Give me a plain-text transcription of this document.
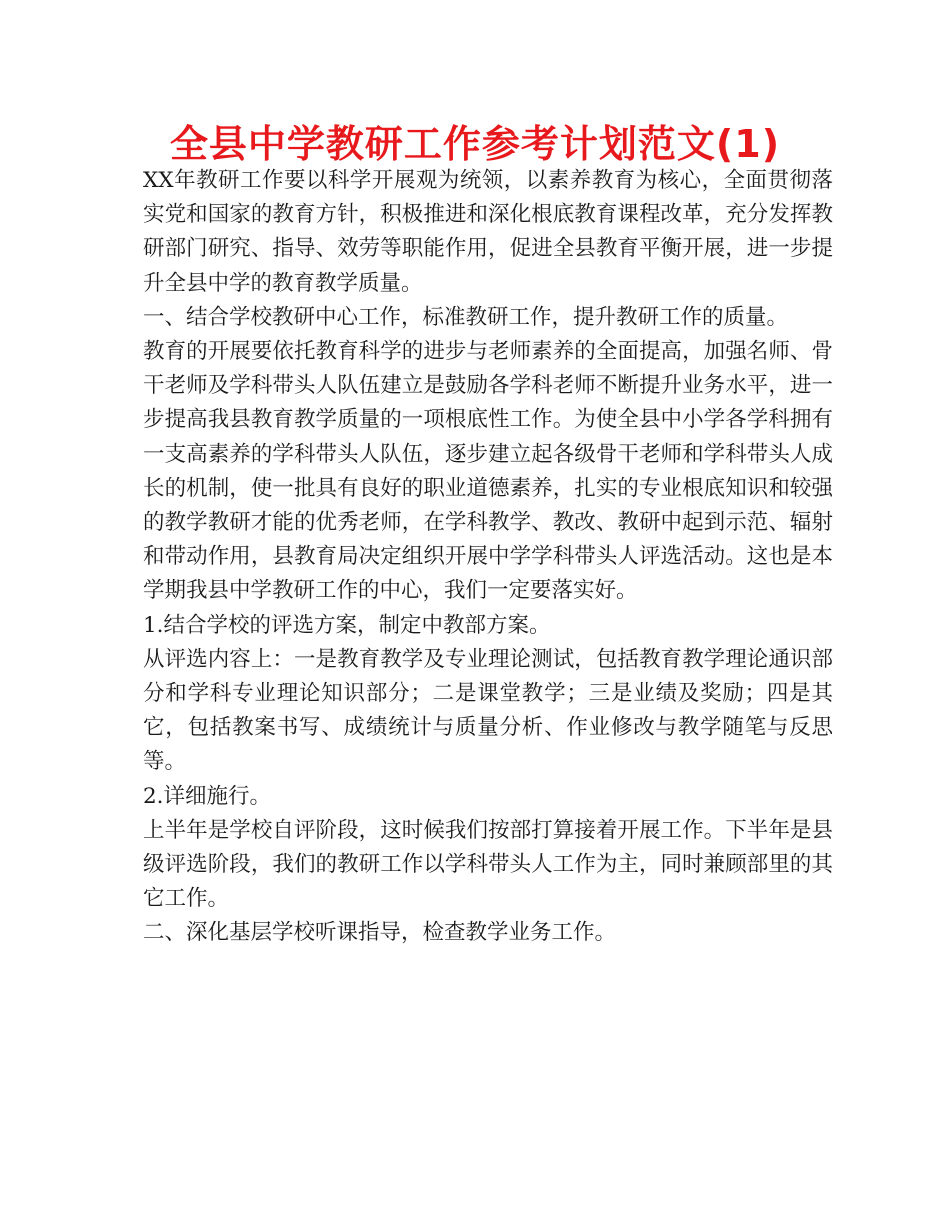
全县中学教研工作参考计划范文(1)

XX年教研工作要以科学开展观为统领，以素养教育为核心，全面贯彻落实党和国家的教育方针，积极推进和深化根底教育课程改革，充分发挥教研部门研究、指导、效劳等职能作用，促进全县教育平衡开展，进一步提升全县中学的教育教学质量。

一、结合学校教研中心工作，标准教研工作，提升教研工作的质量。

教育的开展要依托教育科学的进步与老师素养的全面提高，加强名师、骨干老师及学科带头人队伍建立是鼓励各学科老师不断提升业务水平，进一步提高我县教育教学质量的一项根底性工作。为使全县中小学各学科拥有一支高素养的学科带头人队伍，逐步建立起各级骨干老师和学科带头人成长的机制，使一批具有良好的职业道德素养，扎实的专业根底知识和较强的教学教研才能的优秀老师，在学科教学、教改、教研中起到示范、辐射和带动作用，县教育局决定组织开展中学学科带头人评选活动。这也是本学期我县中学教研工作的中心，我们一定要落实好。

1.结合学校的评选方案，制定中教部方案。

从评选内容上：一是教育教学及专业理论测试，包括教育教学理论通识部分和学科专业理论知识部分；二是课堂教学；三是业绩及奖励；四是其它，包括教案书写、成绩统计与质量分析、作业修改与教学随笔与反思等。

2.详细施行。

上半年是学校自评阶段，这时候我们按部打算接着开展工作。下半年是县级评选阶段，我们的教研工作以学科带头人工作为主，同时兼顾部里的其它工作。

二、深化基层学校听课指导，检查教学业务工作。
